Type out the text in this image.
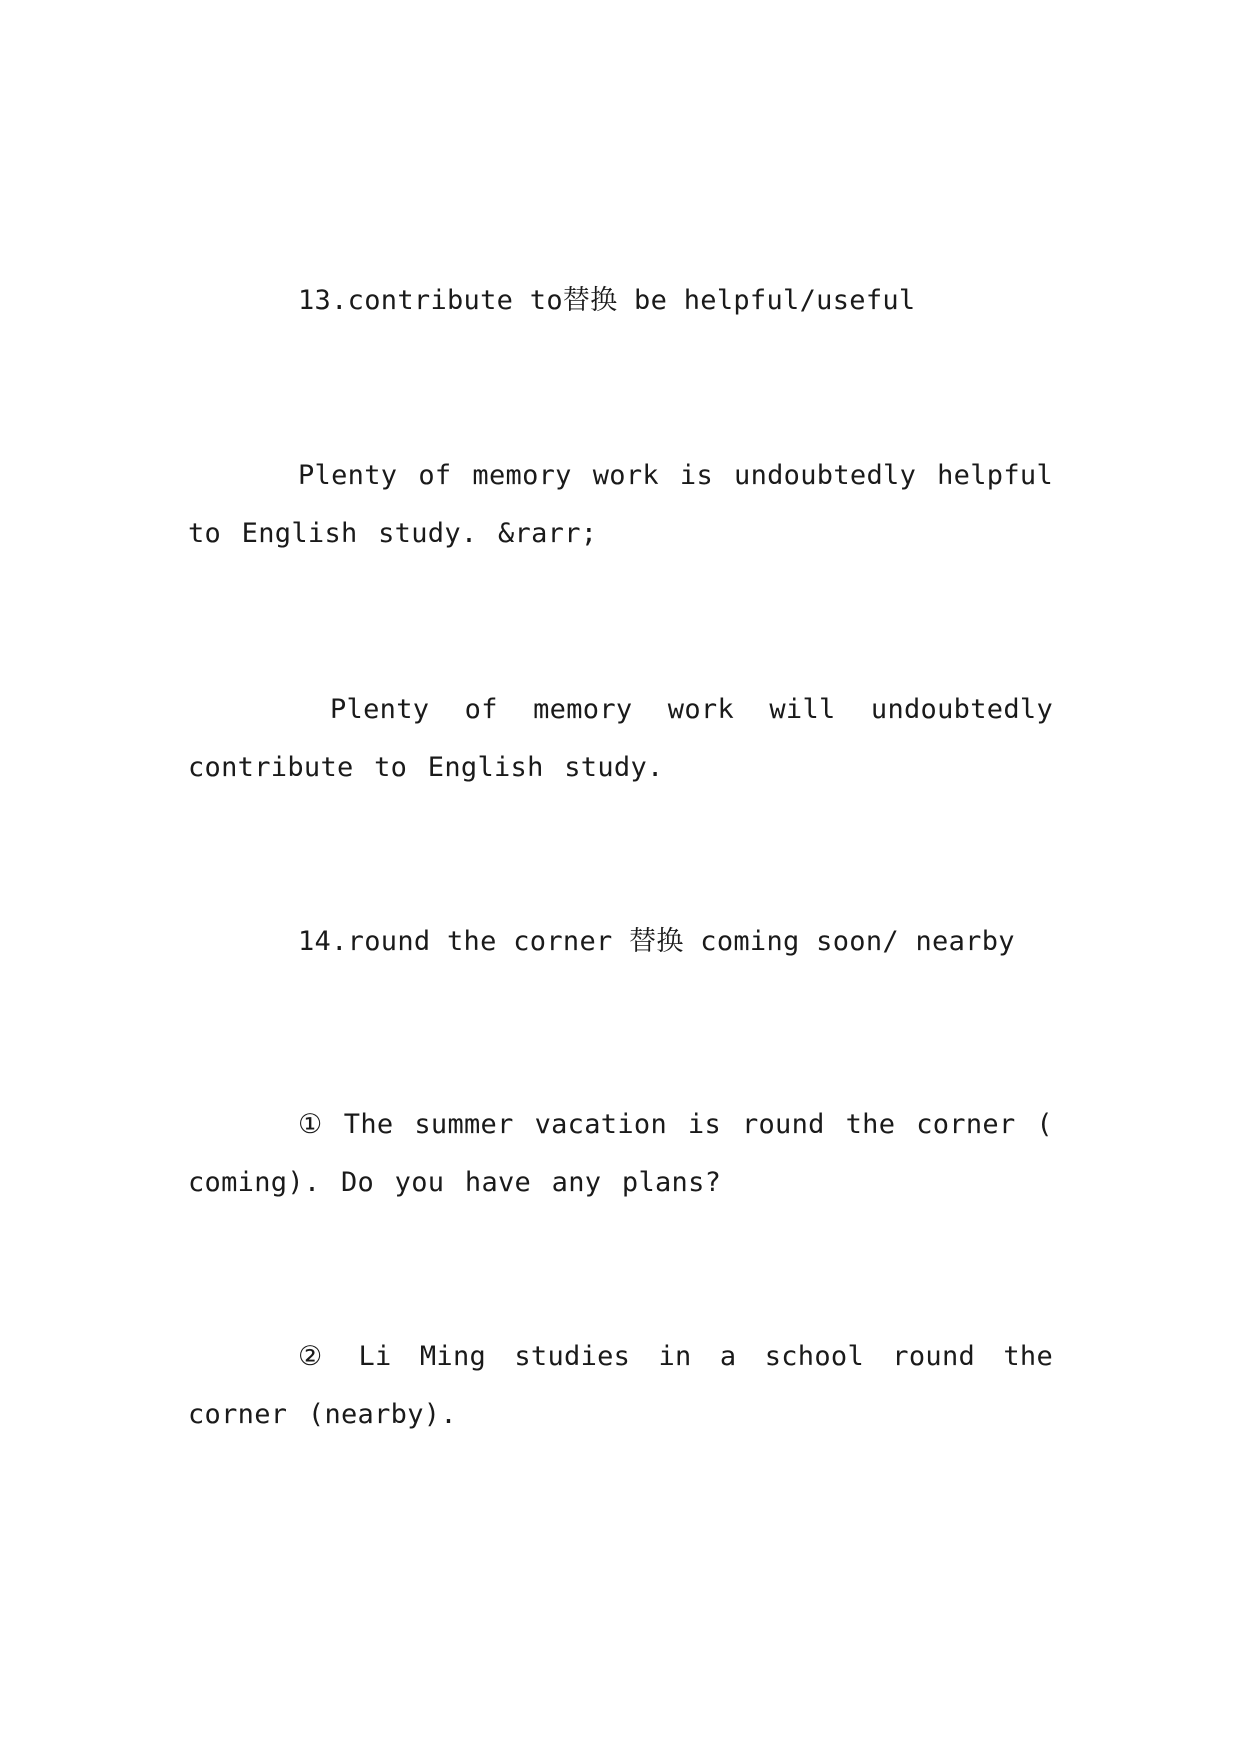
13.contribute to替换 be helpful/useful
Plenty of memory work is undoubtedly helpful to English study. &rarr;
Plenty of memory work will undoubtedly contribute to English study.
14.round the corner 替换 coming soon/ nearby
① The summer vacation is round the corner ( coming). Do you have any plans?
② Li Ming studies in a school round the corner (nearby).
